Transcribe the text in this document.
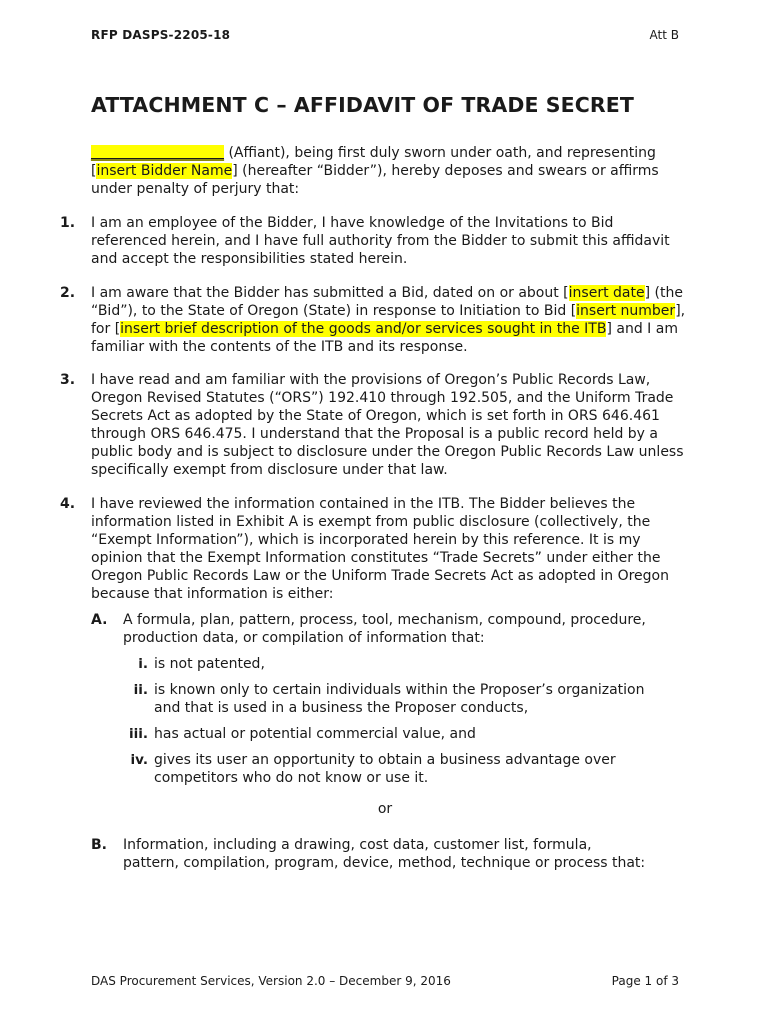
RFP DASPS-2205-18	Att B
ATTACHMENT C – AFFIDAVIT OF TRADE SECRET
___________________ (Affiant), being first duly sworn under oath, and representing [insert Bidder Name] (hereafter “Bidder”), hereby deposes and swears or affirms under penalty of perjury that:
1. I am an employee of the Bidder, I have knowledge of the Invitations to Bid referenced herein, and I have full authority from the Bidder to submit this affidavit and accept the responsibilities stated herein.
2. I am aware that the Bidder has submitted a Bid, dated on or about [insert date] (the “Bid”), to the State of Oregon (State) in response to Initiation to Bid [insert number], for [insert brief description of the goods and/or services sought in the ITB] and I am familiar with the contents of the ITB and its response.
3. I have read and am familiar with the provisions of Oregon’s Public Records Law, Oregon Revised Statutes (“ORS”) 192.410 through 192.505, and the Uniform Trade Secrets Act as adopted by the State of Oregon, which is set forth in ORS 646.461 through ORS 646.475. I understand that the Proposal is a public record held by a public body and is subject to disclosure under the Oregon Public Records Law unless specifically exempt from disclosure under that law.
4. I have reviewed the information contained in the ITB. The Bidder believes the information listed in Exhibit A is exempt from public disclosure (collectively, the “Exempt Information”), which is incorporated herein by this reference. It is my opinion that the Exempt Information constitutes “Trade Secrets” under either the Oregon Public Records Law or the Uniform Trade Secrets Act as adopted in Oregon because that information is either:
A. A formula, plan, pattern, process, tool, mechanism, compound, procedure, production data, or compilation of information that:
i. is not patented,
ii. is known only to certain individuals within the Proposer’s organization and that is used in a business the Proposer conducts,
iii. has actual or potential commercial value, and
iv. gives its user an opportunity to obtain a business advantage over competitors who do not know or use it.
or
B. Information, including a drawing, cost data, customer list, formula, pattern, compilation, program, device, method, technique or process that:
DAS Procurement Services, Version 2.0 – December 9, 2016	Page 1 of 3
